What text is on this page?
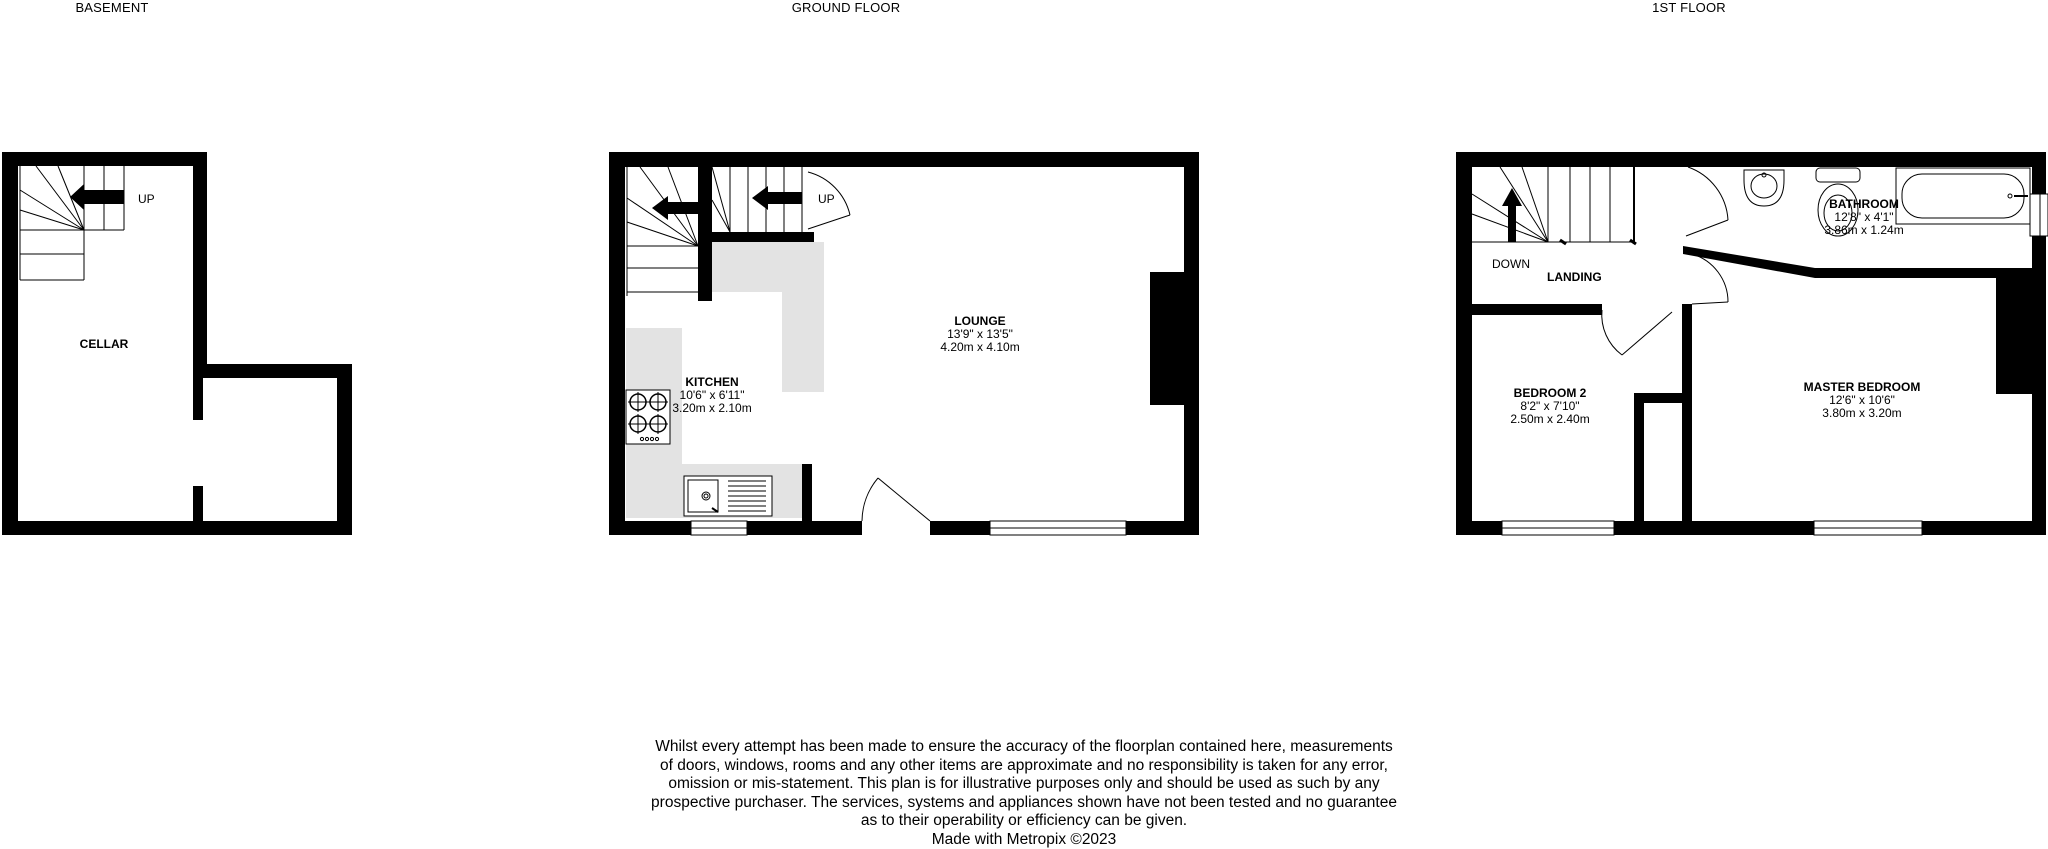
BASEMENT	GROUND FLOOR	1ST FLOOR
UP
CELLAR
UP
KITCHEN
10'6" x 6'11"
3.20m x 2.10m
LOUNGE
13'9" x 13'5"
4.20m x 4.10m
DOWN
LANDING
BATHROOM
12'8" x 4'1"
3.86m x 1.24m
BEDROOM 2
8'2" x 7'10"
2.50m x 2.40m
MASTER BEDROOM
12'6" x 10'6"
3.80m x 3.20m
Whilst every attempt has been made to ensure the accuracy of the floorplan contained here, measurements
of doors, windows, rooms and any other items are approximate and no responsibility is taken for any error,
omission or mis-statement. This plan is for illustrative purposes only and should be used as such by any
prospective purchaser. The services, systems and appliances shown have not been tested and no guarantee
as to their operability or efficiency can be given.
Made with Metropix ©2023
